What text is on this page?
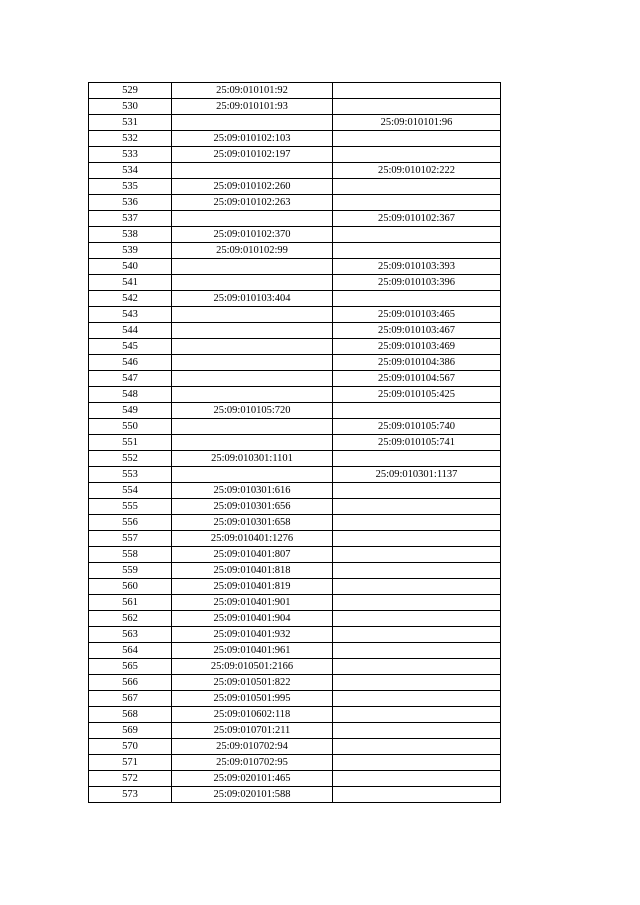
529	25:09:010101:92	
530	25:09:010101:93	
531		25:09:010101:96
532	25:09:010102:103	
533	25:09:010102:197	
534		25:09:010102:222
535	25:09:010102:260	
536	25:09:010102:263	
537		25:09:010102:367
538	25:09:010102:370	
539	25:09:010102:99	
540		25:09:010103:393
541		25:09:010103:396
542	25:09:010103:404	
543		25:09:010103:465
544		25:09:010103:467
545		25:09:010103:469
546		25:09:010104:386
547		25:09:010104:567
548		25:09:010105:425
549	25:09:010105:720	
550		25:09:010105:740
551		25:09:010105:741
552	25:09:010301:1101	
553		25:09:010301:1137
554	25:09:010301:616	
555	25:09:010301:656	
556	25:09:010301:658	
557	25:09:010401:1276	
558	25:09:010401:807	
559	25:09:010401:818	
560	25:09:010401:819	
561	25:09:010401:901	
562	25:09:010401:904	
563	25:09:010401:932	
564	25:09:010401:961	
565	25:09:010501:2166	
566	25:09:010501:822	
567	25:09:010501:995	
568	25:09:010602:118	
569	25:09:010701:211	
570	25:09:010702:94	
571	25:09:010702:95	
572	25:09:020101:465	
573	25:09:020101:588	
